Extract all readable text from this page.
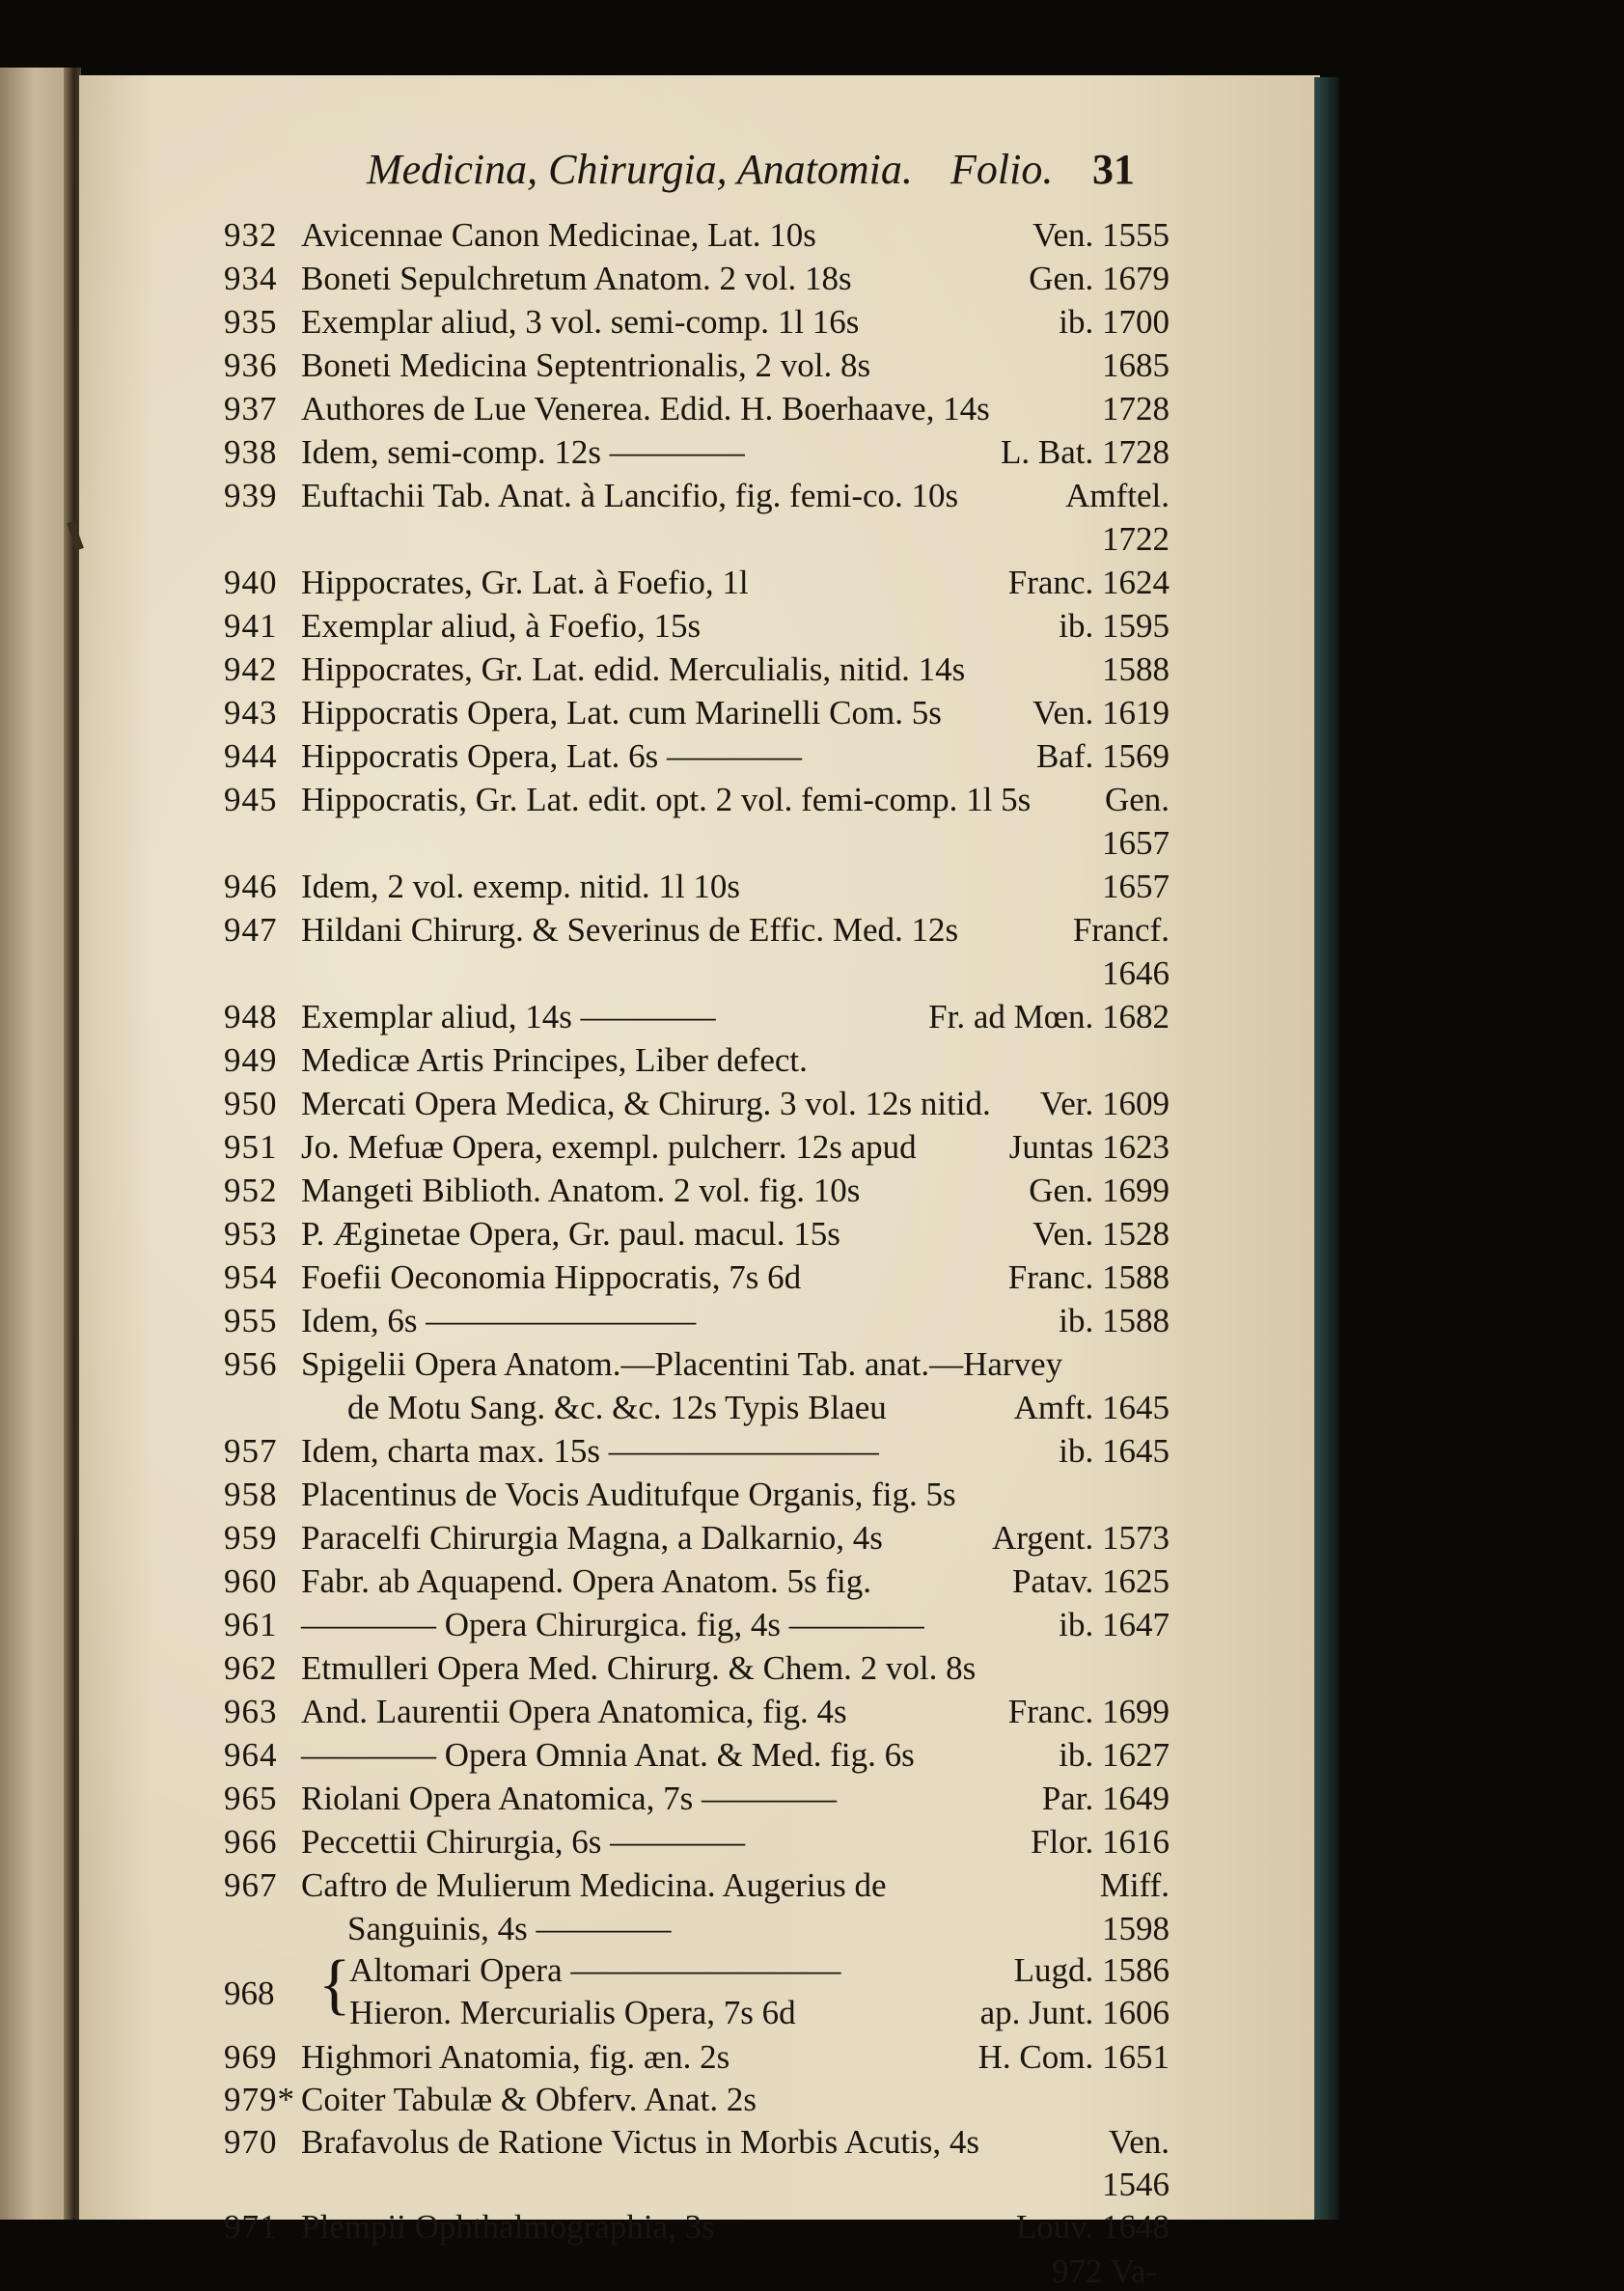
Medicina, Chirurgia, Anatomia. Folio. 31
932 Avicennae Canon Medicinae, Lat. 10s	Ven. 1555
934 Boneti Sepulchretum Anatom. 2 vol. 18s	Gen. 1679
935 Exemplar aliud, 3 vol. semi-comp. 1l 16s	ib. 1700
936 Boneti Medicina Septentrionalis, 2 vol. 8s	1685
937 Authores de Lue Venerea. Edid. H. Boerhaave, 14s	1728
938 Idem, semi-comp. 12s ————	L. Bat. 1728
939 Euftachii Tab. Anat. à Lancifio, fig. femi-co. 10s	Amftel.
1722
940 Hippocrates, Gr. Lat. à Foefio, 1l	Franc. 1624
941 Exemplar aliud, à Foefio, 15s	ib. 1595
942 Hippocrates, Gr. Lat. edid. Merculialis, nitid. 14s	1588
943 Hippocratis Opera, Lat. cum Marinelli Com. 5s	Ven. 1619
944 Hippocratis Opera, Lat. 6s ————	Baf. 1569
945 Hippocratis, Gr. Lat. edit. opt. 2 vol. femi-comp. 1l 5s Gen.
1657
946 Idem, 2 vol. exemp. nitid. 1l 10s	1657
947 Hildani Chirurg. & Severinus de Effic. Med. 12s	Francf.
1646
948 Exemplar aliud, 14s ————	Fr. ad Mœn. 1682
949 Medicæ Artis Principes, Liber defect.
950 Mercati Opera Medica, & Chirurg. 3 vol. 12s nitid. Ver. 1609
951 Jo. Mefuæ Opera, exempl. pulcherr. 12s apud	Juntas 1623
952 Mangeti Biblioth. Anatom. 2 vol. fig. 10s	Gen. 1699
953 P. Æginetae Opera, Gr. paul. macul. 15s	Ven. 1528
954 Foefii Oeconomia Hippocratis, 7s 6d	Franc. 1588
955 Idem, 6s ————————	ib. 1588
956 Spigelii Opera Anatom.—Placentini Tab. anat.—Harvey
de Motu Sang. &c. &c. 12s Typis Blaeu	Amft. 1645
957 Idem, charta max. 15s ————————	ib. 1645
958 Placentinus de Vocis Auditufque Organis, fig. 5s
959 Paracelfi Chirurgia Magna, a Dalkarnio, 4s	Argent. 1573
960 Fabr. ab Aquapend. Opera Anatom. 5s fig.	Patav. 1625
961 ———— Opera Chirurgica. fig, 4s ————	ib. 1647
962 Etmulleri Opera Med. Chirurg. & Chem. 2 vol. 8s
963 And. Laurentii Opera Anatomica, fig. 4s	Franc. 1699
964 ———— Opera Omnia Anat. & Med. fig. 6s	ib. 1627
965 Riolani Opera Anatomica, 7s ————	Par. 1649
966 Peccettii Chirurgia, 6s ————	Flor. 1616
967 Caftro de Mulierum Medicina. Augerius de	Miff.
Sanguinis, 4s ————	1598
968 {
Altomari Opera ————————	Lugd. 1586
Hieron. Mercurialis Opera, 7s 6d	ap. Junt. 1606
969 Highmori Anatomia, fig. æn. 2s	H. Com. 1651
979* Coiter Tabulæ & Obferv. Anat. 2s
970 Brafavolus de Ratione Victus in Morbis Acutis, 4s	Ven.
1546
971 Plempii Ophthalmographia, 3s	Louv. 1648
972 Va-
